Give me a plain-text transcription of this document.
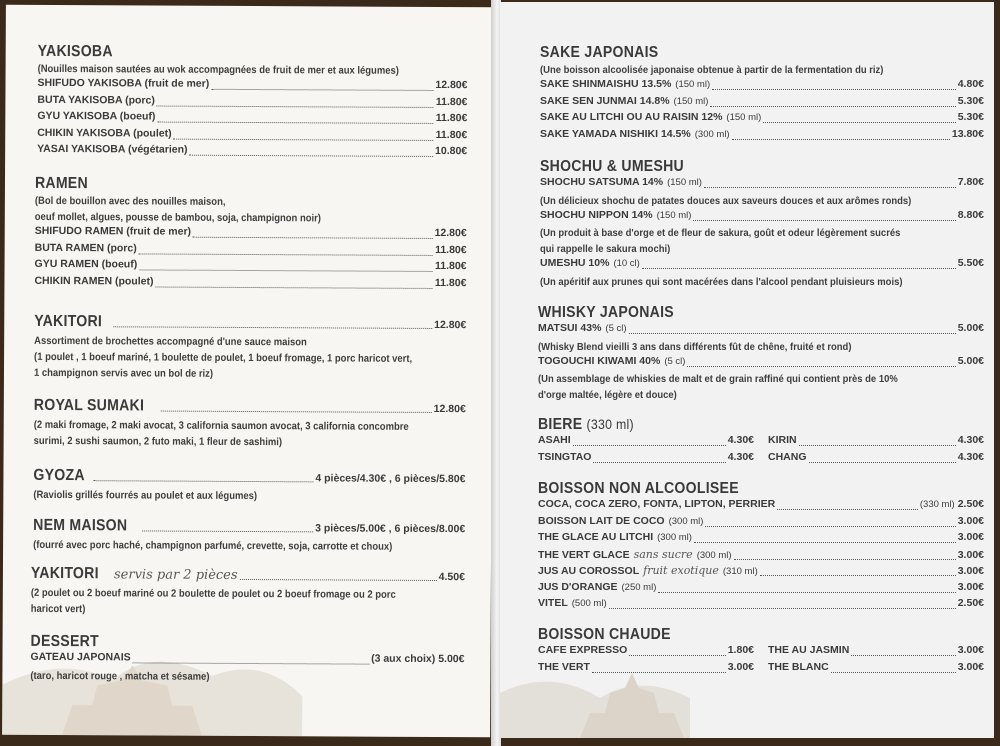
YAKISOBA
(Nouilles maison sautées au wok accompagnées de fruit de mer et aux légumes)
SHIFUDO YAKISOBA (fruit de mer)	12.80€
BUTA YAKISOBA (porc)	11.80€
GYU YAKISOBA (boeuf)	11.80€
CHIKIN YAKISOBA (poulet)	11.80€
YASAI YAKISOBA (végétarien)	10.80€
RAMEN
(Bol de bouillon avec des nouilles maison,
oeuf mollet, algues, pousse de bambou, soja, champignon noir)
SHIFUDO RAMEN (fruit de mer)	12.80€
BUTA RAMEN (porc)	11.80€
GYU RAMEN (boeuf)	11.80€
CHIKIN RAMEN (poulet)	11.80€
YAKITORI	12.80€
Assortiment de brochettes accompagné d'une sauce maison
(1 poulet , 1 boeuf mariné, 1 boulette de poulet, 1 boeuf fromage, 1 porc haricot vert,
1 champignon servis avec un bol de riz)
ROYAL SUMAKI	12.80€
(2 maki fromage, 2 maki avocat, 3 california saumon avocat, 3 california concombre
surimi, 2 sushi saumon, 2 futo maki, 1 fleur de sashimi)
GYOZA	4 pièces/4.30€ , 6 pièces/5.80€
(Raviolis grillés fourrés au poulet et aux légumes)
NEM MAISON	3 pièces/5.00€ , 6 pièces/8.00€
(fourré avec porc haché, champignon parfumé, crevette, soja, carrotte et choux)
YAKITORI servis par 2 pièces	4.50€
(2 poulet ou 2 boeuf mariné ou 2 boulette de poulet ou 2 boeuf fromage ou 2 porc
haricot vert)
DESSERT
GATEAU JAPONAIS	(3 aux choix) 5.00€
(taro, haricot rouge , matcha et sésame)
SAKE JAPONAIS
(Une boisson alcoolisée japonaise obtenue à partir de la fermentation du riz)
SAKE SHINMAISHU 13.5% (150 ml)	4.80€
SAKE SEN JUNMAI 14.8% (150 ml)	5.30€
SAKE AU LITCHI OU AU RAISIN 12% (150 ml)	5.30€
SAKE YAMADA NISHIKI 14.5% (300 ml)	13.80€
SHOCHU & UMESHU
SHOCHU SATSUMA 14% (150 ml)	7.80€
(Un délicieux shochu de patates douces aux saveurs douces et aux arômes ronds)
SHOCHU NIPPON 14% (150 ml)	8.80€
(Un produit à base d'orge et de fleur de sakura, goût et odeur légèrement sucrés
qui rappelle le sakura mochi)
UMESHU 10% (10 cl)	5.50€
(Un apéritif aux prunes qui sont macérées dans l'alcool pendant pluisieurs mois)
WHISKY JAPONAIS
MATSUI 43% (5 cl)	5.00€
(Whisky Blend vieilli 3 ans dans différents fût de chêne, fruité et rond)
TOGOUCHI KIWAMI 40% (5 cl)	5.00€
(Un assemblage de whiskies de malt et de grain raffiné qui contient près de 10%
d'orge maltée, légère et douce)
BIERE (330 ml)
ASAHI	4.30€ KIRIN	4.30€
TSINGTAO	4.30€ CHANG	4.30€
BOISSON NON ALCOOLISEE
COCA, COCA ZERO, FONTA, LIPTON, PERRIER	(330 ml) 2.50€
BOISSON LAIT DE COCO (300 ml)	3.00€
THE GLACE AU LITCHI (300 ml)	3.00€
THE VERT GLACE sans sucre (300 ml)	3.00€
JUS AU COROSSOL fruit exotique (310 ml)	3.00€
JUS D'ORANGE (250 ml)	3.00€
VITEL (500 ml)	2.50€
BOISSON CHAUDE
CAFE EXPRESSO	1.80€ THE AU JASMIN	3.00€
THE VERT	3.00€ THE BLANC	3.00€
